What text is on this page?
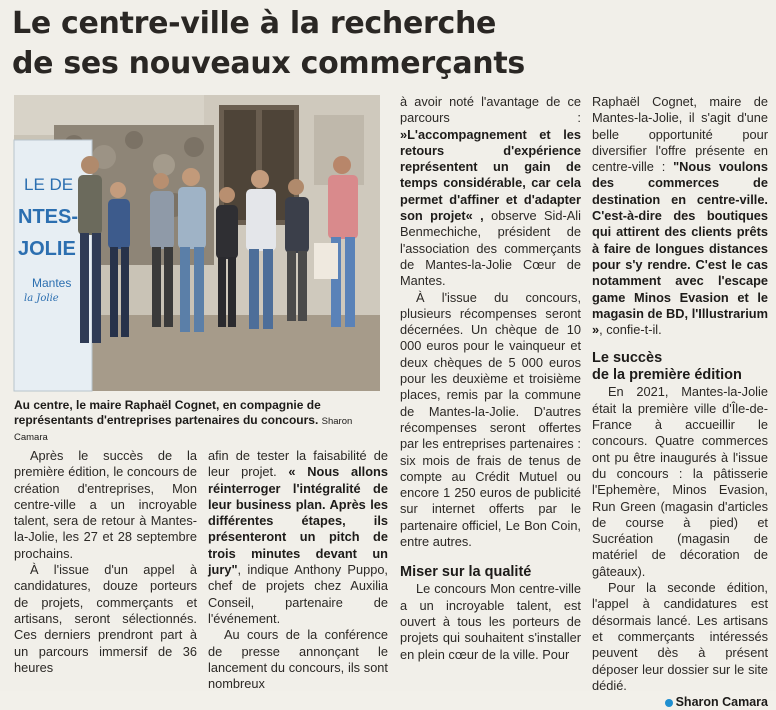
Le centre-ville à la recherche
de ses nouveaux commerçants
LE DE
NTES-
JOLIE
Mantes
la Jolie

Au centre, le maire Raphaël Cognet, en compagnie de représentants d'entreprises partenaires du concours. Sharon Camara

Après le succès de la première édition, le concours de création d'entreprises, Mon centre-ville a un incroyable talent, sera de retour à Mantes-la-Jolie, les 27 et 28 septembre prochains.

À l'issue d'un appel à candidatures, douze porteurs de projets, commerçants et artisans, seront sélectionnés. Ces derniers prendront part à un parcours immersif de 36 heures

afin de tester la faisabilité de leur projet. « Nous allons réinterroger l'intégralité de leur business plan. Après les différentes étapes, ils présenteront un pitch de trois minutes devant un jury", indique Anthony Puppo, chef de projets chez Auxilia Conseil, partenaire de l'événement.

Au cours de la conférence de presse annonçant le lancement du concours, ils sont nombreux

à avoir noté l'avantage de ce parcours : »L'accompagnement et les retours d'expérience représentent un gain de temps considérable, car cela permet d'affiner et d'adapter son projet« , observe Sid-Ali Benmechiche, président de l'association des commerçants de Mantes-la-Jolie Cœur de Mantes.

À l'issue du concours, plusieurs récompenses seront décernées. Un chèque de 10 000 euros pour le vainqueur et deux chèques de 5 000 euros pour les deuxième et troisième places, remis par la commune de Mantes-la-Jolie. D'autres récompenses seront offertes par les entreprises partenaires : six mois de frais de tenus de compte au Crédit Mutuel ou encore 1 250 euros de publicité sur internet offerts par le partenaire officiel, Le Bon Coin, entre autres.

Miser sur la qualité

Le concours Mon centre-ville a un incroyable talent, est ouvert à tous les porteurs de projets qui souhaitent s'installer en plein cœur de la ville. Pour

Raphaël Cognet, maire de Mantes-la-Jolie, il s'agit d'une belle opportunité pour diversifier l'offre présente en centre-ville : "Nous voulons des commerces de destination en centre-ville. C'est-à-dire des boutiques qui attirent des clients prêts à faire de longues distances pour s'y rendre. C'est le cas notamment avec l'escape game Minos Evasion et le magasin de BD, l'Illustrarium », confie-t-il.

Le succès

de la première édition

En 2021, Mantes-la-Jolie était la première ville d'Île-de-France à accueillir le concours. Quatre commerces ont pu être inaugurés à l'issue du concours : la pâtisserie l'Ephemère, Minos Evasion, Run Green (magasin d'articles de course à pied) et Sucréation (magasin de matériel de décoration de gâteaux).

Pour la seconde édition, l'appel à candidatures est désormais lancé. Les artisans et commerçants intéressés peuvent dès à présent déposer leur dossier sur le site dédié.

Sharon Camara
